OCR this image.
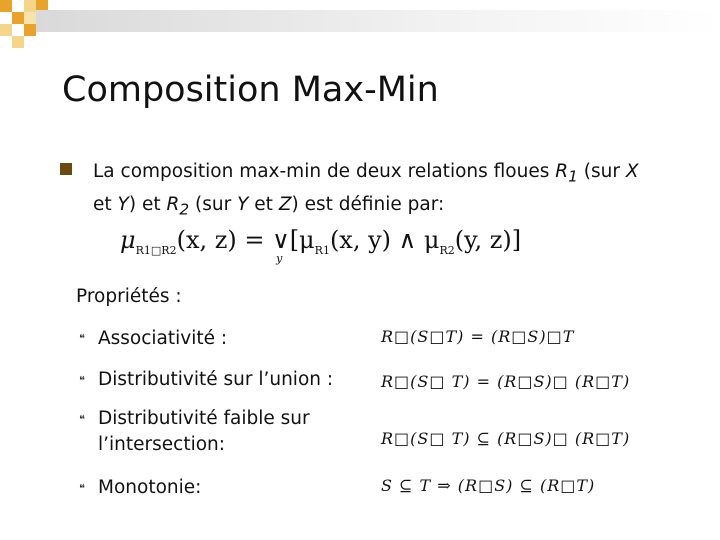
Composition Max-Min
La composition max-min de deux relations floues $R_1$ (sur X
et Y) et $R_2$ (sur Y et Z) est définie par:
$\mu_{R1□R2}(x$, z) = ∨
y
[$\mu_{R1}(x$, y) ∧ $\mu_{R2}(y$, z)]
Propriétés :
❝ Associativité :	R□(S□T) = (R□S)□T
❝ Distributivité sur l’union :	R□(S□ T) = (R□S)□ (R□T)
❝ Distributivité faible sur l’intersection:	R□(S□ T) ⊆ (R□S)□ (R□T)
❝ Monotonie:	S ⊆ T ⇒ (R□S) ⊆ (R□T)
